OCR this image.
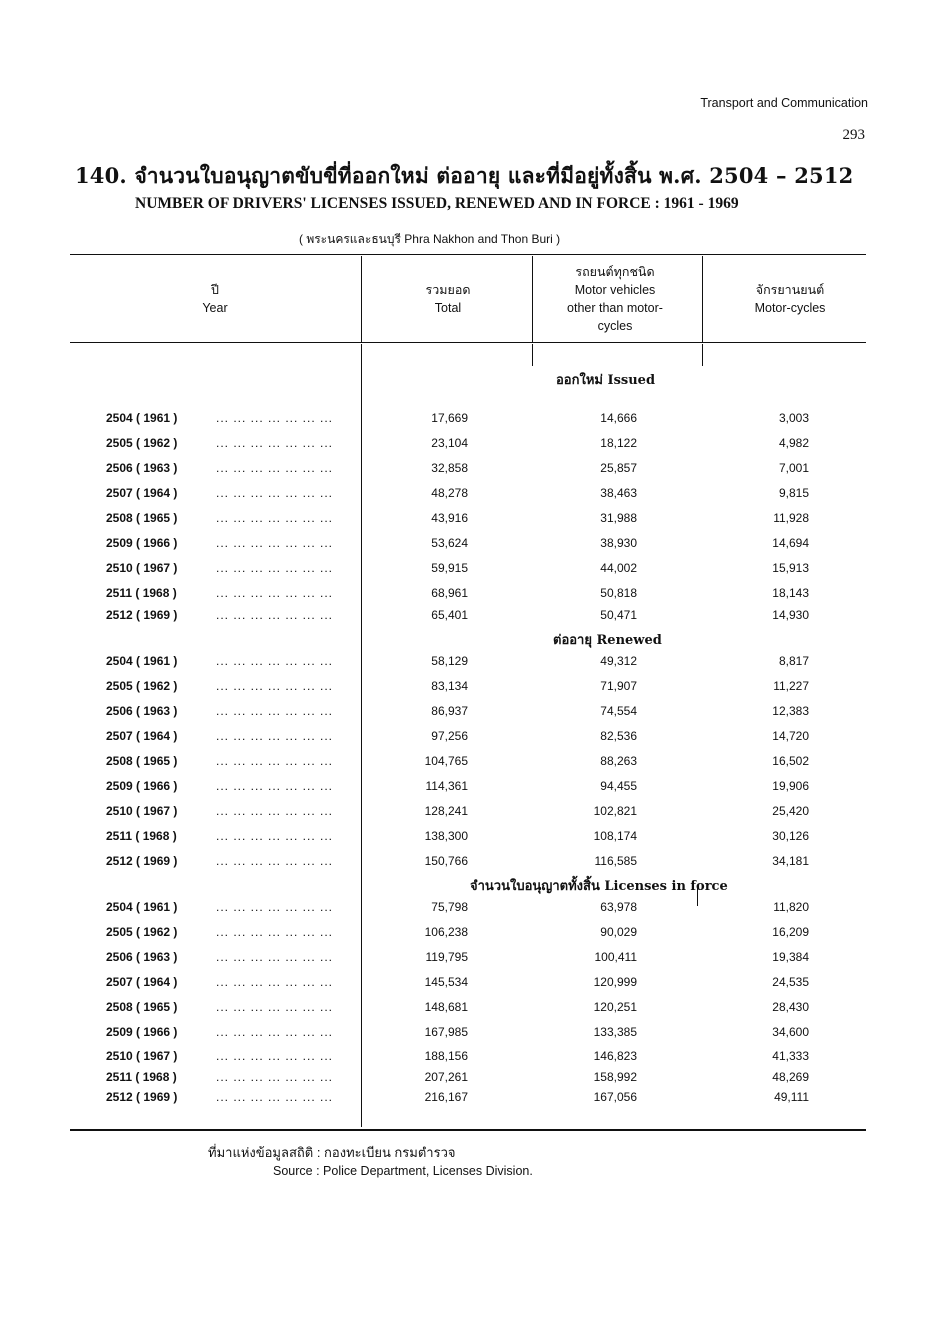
Transport and Communication
293
140. จำนวนใบอนุญาตขับขี่ที่ออกใหม่ ต่ออายุ และที่มีอยู่ทั้งสิ้น พ.ศ. 2504 – 2512
NUMBER OF DRIVERS' LICENSES ISSUED, RENEWED AND IN FORCE : 1961 - 1969
( พระนครและธนบุรี Phra Nakhon and Thon Buri )
ปี
Year
รวมยอด
Total
รถยนต์ทุกชนิด
Motor vehicles
other than motor-
cycles
จักรยานยนต์
Motor-cycles
ออกใหม่ Issued
ต่ออายุ Renewed
จำนวนใบอนุญาตทั้งสิ้น Licenses in force
2504 ( 1961 )	... ... ... ... ... ... ...	17,669	14,666	3,003
2505 ( 1962 )	... ... ... ... ... ... ...	23,104	18,122	4,982
2506 ( 1963 )	... ... ... ... ... ... ...	32,858	25,857	7,001
2507 ( 1964 )	... ... ... ... ... ... ...	48,278	38,463	9,815
2508 ( 1965 )	... ... ... ... ... ... ...	43,916	31,988	11,928
2509 ( 1966 )	... ... ... ... ... ... ...	53,624	38,930	14,694
2510 ( 1967 )	... ... ... ... ... ... ...	59,915	44,002	15,913
2511 ( 1968 )	... ... ... ... ... ... ...	68,961	50,818	18,143
2512 ( 1969 )	... ... ... ... ... ... ...	65,401	50,471	14,930
2504 ( 1961 )	... ... ... ... ... ... ...	58,129	49,312	8,817
2505 ( 1962 )	... ... ... ... ... ... ...	83,134	71,907	11,227
2506 ( 1963 )	... ... ... ... ... ... ...	86,937	74,554	12,383
2507 ( 1964 )	... ... ... ... ... ... ...	97,256	82,536	14,720
2508 ( 1965 )	... ... ... ... ... ... ...	104,765	88,263	16,502
2509 ( 1966 )	... ... ... ... ... ... ...	114,361	94,455	19,906
2510 ( 1967 )	... ... ... ... ... ... ...	128,241	102,821	25,420
2511 ( 1968 )	... ... ... ... ... ... ...	138,300	108,174	30,126
2512 ( 1969 )	... ... ... ... ... ... ...	150,766	116,585	34,181
2504 ( 1961 )	... ... ... ... ... ... ...	75,798	63,978	11,820
2505 ( 1962 )	... ... ... ... ... ... ...	106,238	90,029	16,209
2506 ( 1963 )	... ... ... ... ... ... ...	119,795	100,411	19,384
2507 ( 1964 )	... ... ... ... ... ... ...	145,534	120,999	24,535
2508 ( 1965 )	... ... ... ... ... ... ...	148,681	120,251	28,430
2509 ( 1966 )	... ... ... ... ... ... ...	167,985	133,385	34,600
2510 ( 1967 )	... ... ... ... ... ... ...	188,156	146,823	41,333
2511 ( 1968 )	... ... ... ... ... ... ...	207,261	158,992	48,269
2512 ( 1969 )	... ... ... ... ... ... ...	216,167	167,056	49,111
ที่มาแห่งข้อมูลสถิติ : กองทะเบียน กรมตำรวจ
Source : Police Department, Licenses Division.
